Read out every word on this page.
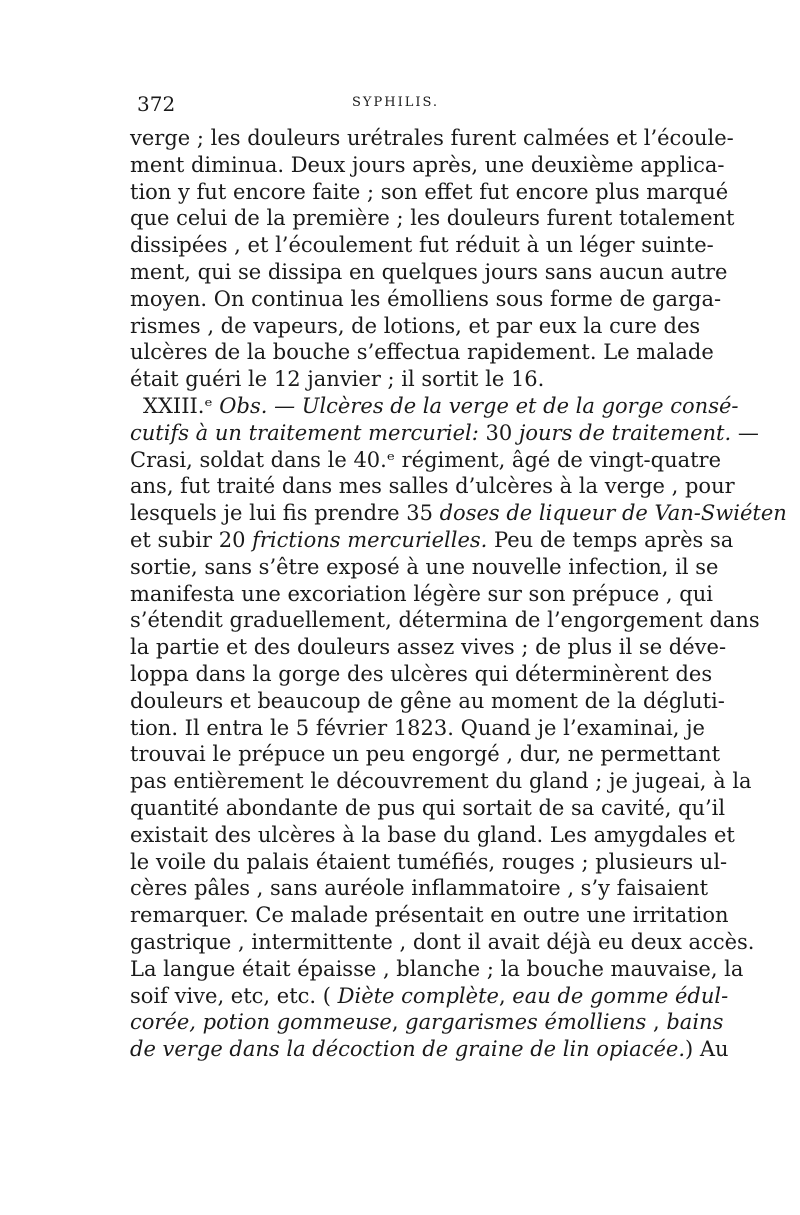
372	SYPHILIS.
verge ; les douleurs urétrales furent calmées et l’écoule-
ment diminua. Deux jours après, une deuxième applica-
tion y fut encore faite ; son effet fut encore plus marqué
que celui de la première ; les douleurs furent totalement
dissipées , et l’écoulement fut réduit à un léger suinte-
ment, qui se dissipa en quelques jours sans aucun autre
moyen. On continua les émolliens sous forme de garga-
rismes , de vapeurs, de lotions, et par eux la cure des
ulcères de la bouche s’effectua rapidement. Le malade
était guéri le 12 janvier ; il sortit le 16.
XXIII.ᵉ Obs. — Ulcères de la verge et de la gorge consé-
cutifs à un traitement mercuriel: 30 jours de traitement. —
Crasi, soldat dans le 40.ᵉ régiment, âgé de vingt-quatre
ans, fut traité dans mes salles d’ulcères à la verge , pour
lesquels je lui fis prendre 35 doses de liqueur de Van-Swiéten
et subir 20 frictions mercurielles. Peu de temps après sa
sortie, sans s’être exposé à une nouvelle infection, il se
manifesta une excoriation légère sur son prépuce , qui
s’étendit graduellement, détermina de l’engorgement dans
la partie et des douleurs assez vives ; de plus il se déve-
loppa dans la gorge des ulcères qui déterminèrent des
douleurs et beaucoup de gêne au moment de la dégluti-
tion. Il entra le 5 février 1823. Quand je l’examinai, je
trouvai le prépuce un peu engorgé , dur, ne permettant
pas entièrement le découvrement du gland ; je jugeai, à la
quantité abondante de pus qui sortait de sa cavité, qu’il
existait des ulcères à la base du gland. Les amygdales et
le voile du palais étaient tuméfiés, rouges ; plusieurs ul-
cères pâles , sans auréole inflammatoire , s’y faisaient
remarquer. Ce malade présentait en outre une irritation
gastrique , intermittente , dont il avait déjà eu deux accès.
La langue était épaisse , blanche ; la bouche mauvaise, la
soif vive, etc, etc. ( Diète complète, eau de gomme édul-
corée, potion gommeuse, gargarismes émolliens , bains
de verge dans la décoction de graine de lin opiacée.) Au
